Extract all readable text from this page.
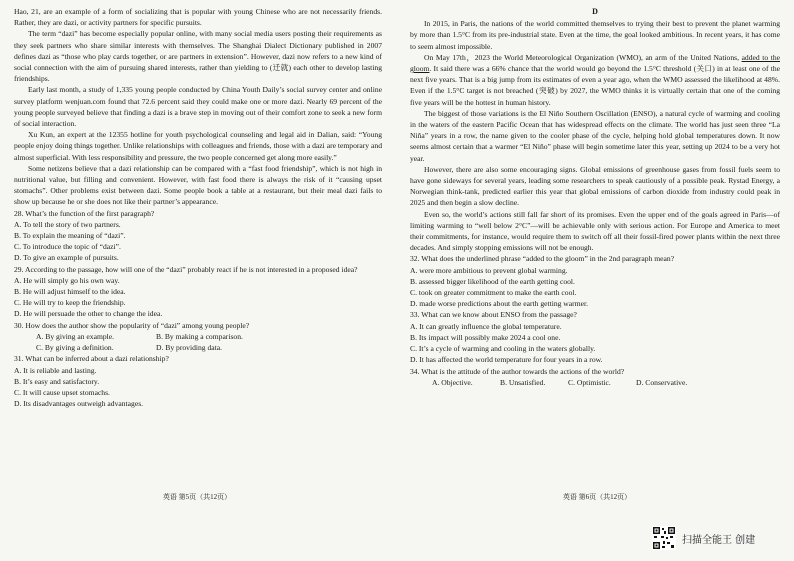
Hao, 21, are an example of a form of socializing that is popular with young Chinese who are not necessarily friends. Rather, they are dazi, or activity partners for specific pursuits.

The term “dazi” has become especially popular online, with many social media users posting their requirements as they seek partners who share similar interests with themselves. The Shanghai Dialect Dictionary published in 2007 defines dazi as “those who play cards together, or are partners in extension”. However, dazi now refers to a new kind of social connection with the aim of pursuing shared interests, rather than yielding to (迁就) each other to develop lasting friendships.

Early last month, a study of 1,335 young people conducted by China Youth Daily’s social survey center and online survey platform wenjuan.com found that 72.6 percent said they could make one or more dazi. Nearly 69 percent of the young people surveyed believe that finding a dazi is a brave step in moving out of their comfort zone to seek a new form of social interaction.

Xu Kun, an expert at the 12355 hotline for youth psychological counseling and legal aid in Dalian, said: “Young people enjoy doing things together. Unlike relationships with colleagues and friends, those with a dazi are temporary and almost superficial. With less responsibility and pressure, the two people concerned get along more easily.”

Some netizens believe that a dazi relationship can be compared with a “fast food friendship”, which is not high in nutritional value, but filling and convenient. However, with fast food there is always the risk of it “causing upset stomachs”. Other problems exist between dazi. Some people book a table at a restaurant, but their meal dazi fails to show up because he or she does not like their partner’s appearance.

28. What’s the function of the first paragraph?

A. To tell the story of two partners.

B. To explain the meaning of “dazi”.

C. To introduce the topic of “dazi”.

D. To give an example of pursuits.

29. According to the passage, how will one of the “dazi” probably react if he is not interested in a proposed idea?

A. He will simply go his own way.

B. He will adjust himself to the idea.

C. He will try to keep the friendship.

D. He will persuade the other to change the idea.

30. How does the author show the popularity of “dazi” among young people?

A. By giving an example.	B. By making a comparison.
C. By giving a definition.	D. By providing data.

31. What can be inferred about a dazi relationship?

A. It is reliable and lasting.

B. It’s easy and satisfactory.

C. It will cause upset stomachs.

D. Its disadvantages outweigh advantages.

英语 第5页（共12页）
D

In 2015, in Paris, the nations of the world committed themselves to trying their best to prevent the planet warming by more than 1.5°C from its pre-industrial state. Even at the time, the goal looked ambitious. In recent years, it has come to seem almost impossible.

On May 17th，2023 the World Meteorological Organization (WMO), an arm of the United Nations, added to the gloom. It said there was a 66% chance that the world would go beyond the 1.5°C threshold (关口) in at least one of the next five years. That is a big jump from its estimates of even a year ago, when the WMO assessed the likelihood at 48%. Even if the 1.5°C target is not breached (突破) by 2027, the WMO thinks it is virtually certain that one of the coming five years will be the hottest in human history.

The biggest of those variations is the El Niño Southern Oscillation (ENSO), a natural cycle of warming and cooling in the waters of the eastern Pacific Ocean that has widespread effects on the climate. The world has just seen three “La Niña” years in a row, the name given to the cooler phase of the cycle, helping hold global temperatures down. It now seems almost certain that a warmer “El Niño” phase will begin sometime later this year, setting up 2024 to be a very hot year.

However, there are also some encouraging signs. Global emissions of greenhouse gases from fossil fuels seem to have gone sideways for several years, leading some researchers to speak cautiously of a possible peak. Rystad Energy, a Norwegian think-tank, predicted earlier this year that global emissions of carbon dioxide from industry could peak in 2025 and then begin a slow decline.

Even so, the world’s actions still fall far short of its promises. Even the upper end of the goals agreed in Paris—of limiting warming to “well below 2°C”—will be achievable only with serious action. For Europe and America to meet their commitments, for instance, would require them to switch off all their fossil-fired power plants within the next three decades. And simply stopping emissions will not be enough.

32. What does the underlined phrase “added to the gloom” in the 2nd paragraph mean?

A. were more ambitious to prevent global warming.

B. assessed bigger likelihood of the earth getting cool.

C. took on greater commitment to make the earth cool.

D. made worse predictions about the earth getting warmer.

33. What can we know about ENSO from the passage?

A. It can greatly influence the global temperature.

B. Its impact will possibly make 2024 a cool one.

C. It’s a cycle of warming and cooling in the waters globally.

D. It has affected the world temperature for four years in a row.

34. What is the attitude of the author towards the actions of the world?

A. Objective.	B. Unsatisfied.	C. Optimistic.	D. Conservative.
英语 第6页（共12页）
扫描全能王 创建
